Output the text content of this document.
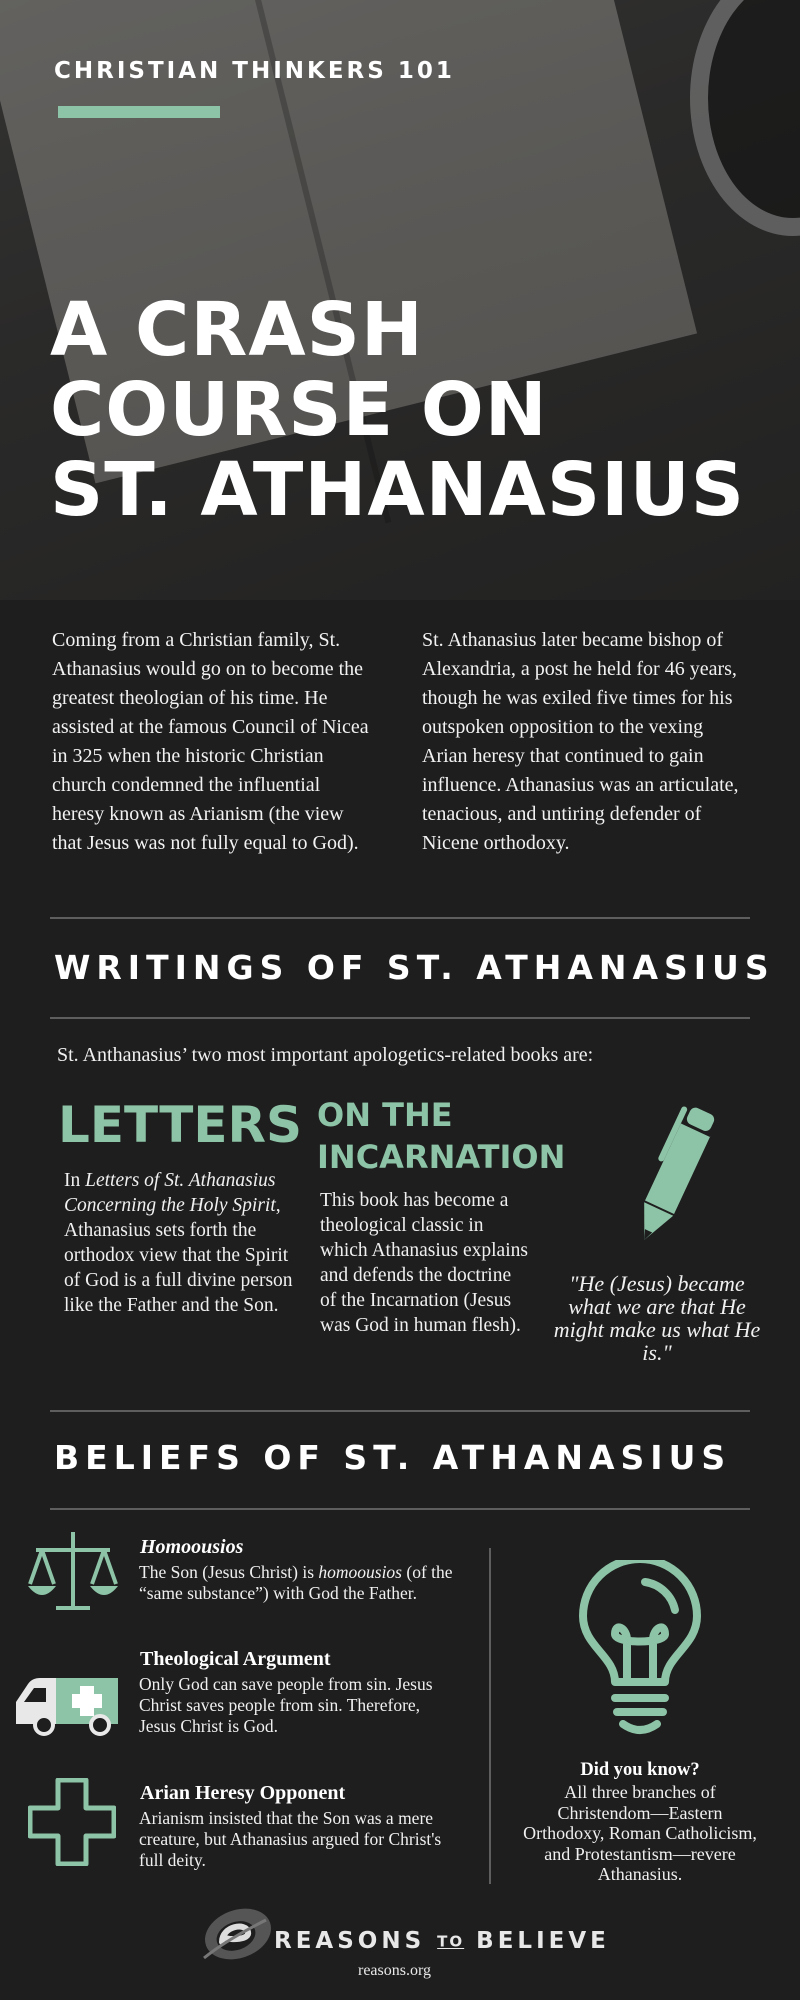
CHRISTIAN THINKERS 101
A CRASH
COURSE ON
ST. ATHANASIUS

Coming from a Christian family, St. Athanasius would go on to become the greatest theologian of his time. He assisted at the famous Council of Nicea in 325 when the historic Christian church condemned the influential heresy known as Arianism (the view that Jesus was not fully equal to God).

St. Athanasius later became bishop of Alexandria, a post he held for 46 years, though he was exiled five times for his outspoken opposition to the vexing Arian heresy that continued to gain influence. Athanasius was an articulate, tenacious, and untiring defender of Nicene orthodoxy.

WRITINGS OF ST. ATHANASIUS
St. Anthanasius’ two most important apologetics-related books are:
LETTERS

In Letters of St. Athanasius Concerning the Holy Spirit, Athanasius sets forth the orthodox view that the Spirit of God is a full divine person like the Father and the Son.

ON THE
INCARNATION

This book has become a theological classic in which Athanasius explains and defends the doctrine of the Incarnation (Jesus was God in human flesh).

"He (Jesus) became what we are that He might make us what He is."
BELIEFS OF ST. ATHANASIUS
Homoousios

The Son (Jesus Christ) is homoousios (of the “same substance”) with God the Father.

Theological Argument

Only God can save people from sin. Jesus Christ saves people from sin. Therefore, Jesus Christ is God.

Arian Heresy Opponent

Arianism insisted that the Son was a mere creature, but Athanasius argued for Christ's full deity.

Did you know?

All three branches of Christendom—Eastern Orthodoxy, Roman Catholicism, and Protestantism—revere Athanasius.

REASONS TO BELIEVE
reasons.org
